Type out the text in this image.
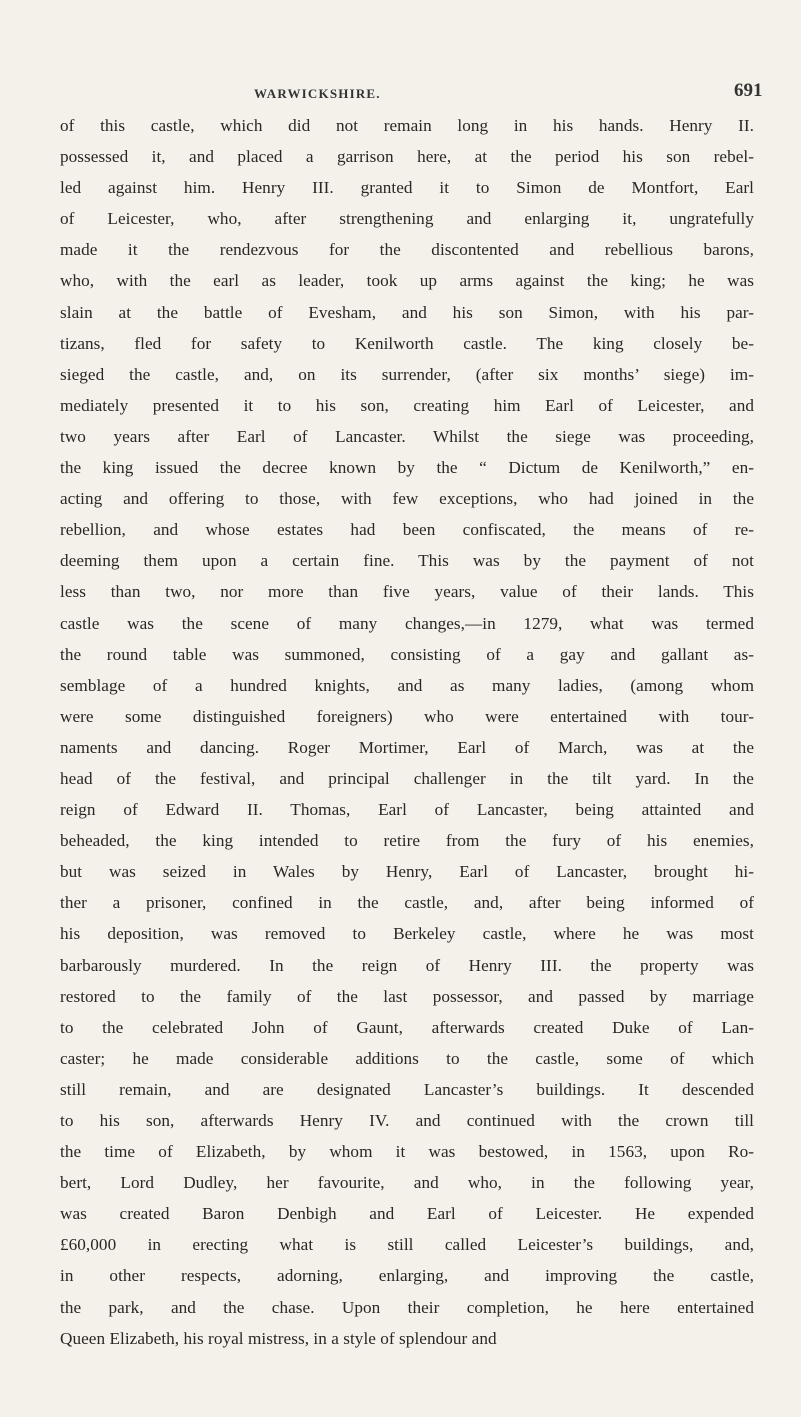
WARWICKSHIRE.	691
of this castle, which did not remain long in his hands. Henry II.
possessed it, and placed a garrison here, at the period his son rebel-
led against him. Henry III. granted it to Simon de Montfort, Earl
of Leicester, who, after strengthening and enlarging it, ungratefully
made it the rendezvous for the discontented and rebellious barons,
who, with the earl as leader, took up arms against the king; he was
slain at the battle of Evesham, and his son Simon, with his par-
tizans, fled for safety to Kenilworth castle. The king closely be-
sieged the castle, and, on its surrender, (after six months’ siege) im-
mediately presented it to his son, creating him Earl of Leicester, and
two years after Earl of Lancaster. Whilst the siege was proceeding,
the king issued the decree known by the “ Dictum de Kenilworth,” en-
acting and offering to those, with few exceptions, who had joined in the
rebellion, and whose estates had been confiscated, the means of re-
deeming them upon a certain fine. This was by the payment of not
less than two, nor more than five years, value of their lands. This
castle was the scene of many changes,—in 1279, what was termed
the round table was summoned, consisting of a gay and gallant as-
semblage of a hundred knights, and as many ladies, (among whom
were some distinguished foreigners) who were entertained with tour-
naments and dancing. Roger Mortimer, Earl of March, was at the
head of the festival, and principal challenger in the tilt yard. In the
reign of Edward II. Thomas, Earl of Lancaster, being attainted and
beheaded, the king intended to retire from the fury of his enemies,
but was seized in Wales by Henry, Earl of Lancaster, brought hi-
ther a prisoner, confined in the castle, and, after being informed of
his deposition, was removed to Berkeley castle, where he was most
barbarously murdered. In the reign of Henry III. the property was
restored to the family of the last possessor, and passed by marriage
to the celebrated John of Gaunt, afterwards created Duke of Lan-
caster; he made considerable additions to the castle, some of which
still remain, and are designated Lancaster’s buildings. It descended
to his son, afterwards Henry IV. and continued with the crown till
the time of Elizabeth, by whom it was bestowed, in 1563, upon Ro-
bert, Lord Dudley, her favourite, and who, in the following year,
was created Baron Denbigh and Earl of Leicester. He expended
£60,000 in erecting what is still called Leicester’s buildings, and,
in other respects, adorning, enlarging, and improving the castle,
the park, and the chase. Upon their completion, he here entertained
Queen Elizabeth, his royal mistress, in a style of splendour and
